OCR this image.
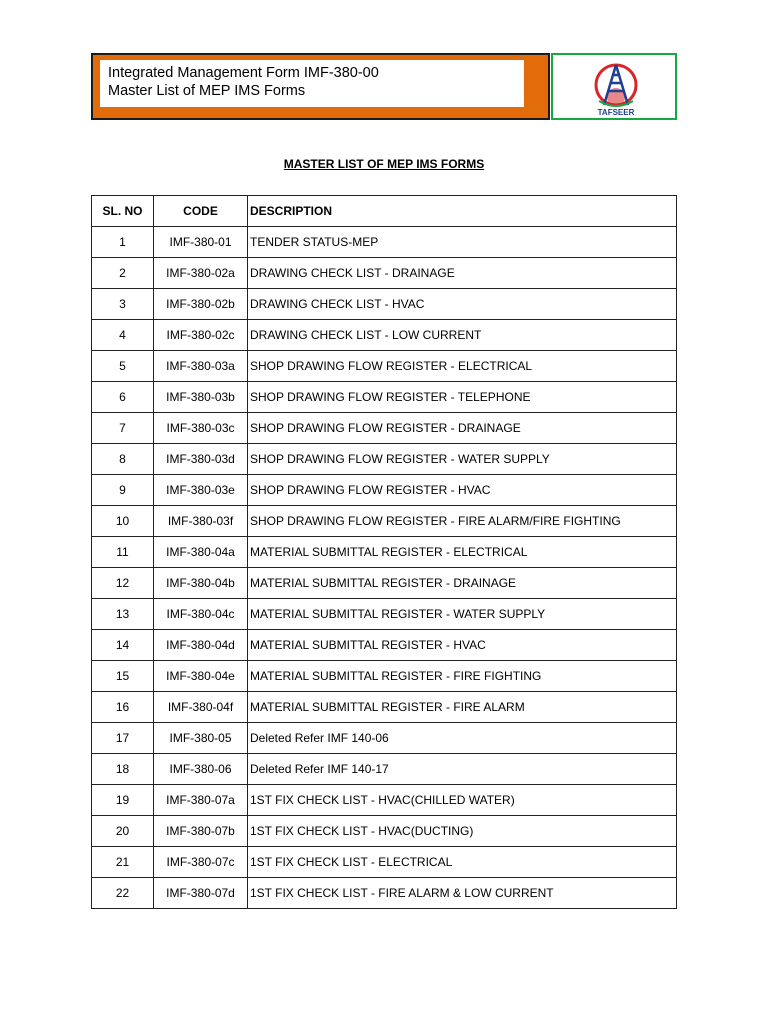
Integrated Management Form IMF-380-00
Master List of MEP IMS Forms
TAFSEER
MASTER LIST OF MEP IMS FORMS
SL. NO	CODE	DESCRIPTION
1	IMF-380-01	TENDER STATUS-MEP
2	IMF-380-02a	DRAWING CHECK LIST - DRAINAGE
3	IMF-380-02b	DRAWING CHECK LIST - HVAC
4	IMF-380-02c	DRAWING CHECK LIST - LOW CURRENT
5	IMF-380-03a	SHOP DRAWING FLOW REGISTER - ELECTRICAL
6	IMF-380-03b	SHOP DRAWING FLOW REGISTER - TELEPHONE
7	IMF-380-03c	SHOP DRAWING FLOW REGISTER - DRAINAGE
8	IMF-380-03d	SHOP DRAWING FLOW REGISTER - WATER SUPPLY
9	IMF-380-03e	SHOP DRAWING FLOW REGISTER - HVAC
10	IMF-380-03f	SHOP DRAWING FLOW REGISTER - FIRE ALARM/FIRE FIGHTING
11	IMF-380-04a	MATERIAL SUBMITTAL REGISTER - ELECTRICAL
12	IMF-380-04b	MATERIAL SUBMITTAL REGISTER - DRAINAGE
13	IMF-380-04c	MATERIAL SUBMITTAL REGISTER - WATER SUPPLY
14	IMF-380-04d	MATERIAL SUBMITTAL REGISTER - HVAC
15	IMF-380-04e	MATERIAL SUBMITTAL REGISTER - FIRE FIGHTING
16	IMF-380-04f	MATERIAL SUBMITTAL REGISTER - FIRE ALARM
17	IMF-380-05	Deleted Refer IMF 140-06
18	IMF-380-06	Deleted Refer IMF 140-17
19	IMF-380-07a	1ST FIX CHECK LIST - HVAC(CHILLED WATER)
20	IMF-380-07b	1ST FIX CHECK LIST - HVAC(DUCTING)
21	IMF-380-07c	1ST FIX CHECK LIST - ELECTRICAL
22	IMF-380-07d	1ST FIX CHECK LIST - FIRE ALARM & LOW CURRENT
